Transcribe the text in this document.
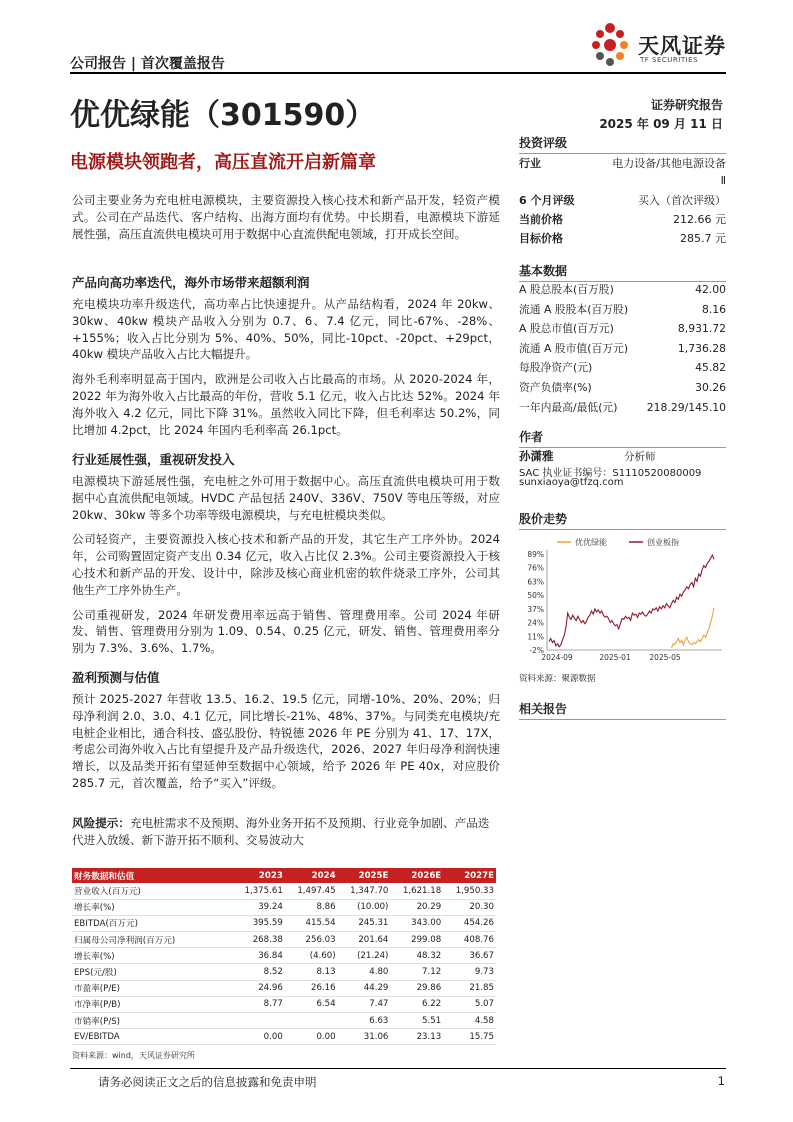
公司报告 | 首次覆盖报告
天风证券
TF SECURITIES
优优绿能（301590）	证券研究报告
2025 年 09 月 11 日
电源模块领跑者，高压直流开启新篇章
公司主要业务为充电桩电源模块，主要资源投入核心技术和新产品开发，轻资产模式。公司在产品迭代、客户结构、出海方面均有优势。中长期看，电源模块下游延展性强，高压直流供电模块可用于数据中心直流供配电领域，打开成长空间。
产品向高功率迭代，海外市场带来超额利润

充电模块功率升级迭代，高功率占比快速提升。从产品结构看，2024 年 20kw、30kw、40kw 模块产品收入分别为 0.7、6、7.4 亿元，同比-67%、-28%、+155%；收入占比分别为 5%、40%、50%，同比-10pct、-20pct、+29pct，40kw 模块产品收入占比大幅提升。

海外毛利率明显高于国内，欧洲是公司收入占比最高的市场。从 2020-2024 年，2022 年为海外收入占比最高的年份，营收 5.1 亿元，收入占比达 52%。2024 年海外收入 4.2 亿元，同比下降 31%。虽然收入同比下降，但毛利率达 50.2%，同比增加 4.2pct，比 2024 年国内毛利率高 26.1pct。

行业延展性强，重视研发投入

电源模块下游延展性强，充电桩之外可用于数据中心。高压直流供电模块可用于数据中心直流供配电领域。HVDC 产品包括 240V、336V、750V 等电压等级，对应 20kw、30kw 等多个功率等级电源模块，与充电桩模块类似。

公司轻资产，主要资源投入核心技术和新产品的开发，其它生产工序外协。2024 年，公司购置固定资产支出 0.34 亿元，收入占比仅 2.3%。公司主要资源投入于核心技术和新产品的开发、设计中，除涉及核心商业机密的软件烧录工序外，公司其他生产工序外协生产。

公司重视研发，2024 年研发费用率远高于销售、管理费用率。公司 2024 年研发、销售、管理费用分别为 1.09、0.54、0.25 亿元，研发、销售、管理费用率分别为 7.3%、3.6%、1.7%。

盈利预测与估值

预计 2025-2027 年营收 13.5、16.2、19.5 亿元，同增-10%、20%、20%；归母净利润 2.0、3.0、4.1 亿元，同比增长-21%、48%、37%。与同类充电模块/充电桩企业相比，通合科技、盛弘股份、特锐德 2026 年 PE 分别为 41、17、17X，考虑公司海外收入占比有望提升及产品升级迭代，2026、2027 年归母净利润快速增长，以及品类开拓有望延伸至数据中心领域，给予 2026 年 PE 40x，对应股价 285.7 元，首次覆盖，给予“买入”评级。

风险提示：充电桩需求不及预期、海外业务开拓不及预期、行业竞争加剧、产品迭代进入放缓、新下游开拓不顺利、交易波动大
财务数据和估值	2023	2024	2025E	2026E	2027E
营业收入(百万元)	1,375.61	1,497.45	1,347.70	1,621.18	1,950.33
增长率(%)	39.24	8.86	(10.00)	20.29	20.30
EBITDA(百万元)	395.59	415.54	245.31	343.00	454.26
归属母公司净利润(百万元)	268.38	256.03	201.64	299.08	408.76
增长率(%)	36.84	(4.60)	(21.24)	48.32	36.67
EPS(元/股)	8.52	8.13	4.80	7.12	9.73
市盈率(P/E)	24.96	26.16	44.29	29.86	21.85
市净率(P/B)	8.77	6.54	7.47	6.22	5.07
市销率(P/S)			6.63	5.51	4.58
EV/EBITDA	0.00	0.00	31.06	23.13	15.75
资料来源：wind，天风证券研究所
投资评级
行业	电力设备/其他电源设备Ⅱ
6 个月评级	买入（首次评级）
当前价格	212.66 元
目标价格	285.7 元
基本数据
A 股总股本(百万股)	42.00
流通 A 股股本(百万股)	8.16
A 股总市值(百万元)	8,931.72
流通 A 股市值(百万元)	1,736.28
每股净资产(元)	45.82
资产负债率(%)	30.26
一年内最高/最低(元)	218.29/145.10
作者
孙潇雅	分析师
SAC 执业证书编号：S1110520080009
sunxiaoya@tfzq.com
股价走势
89%
76%
63%
50%
37%
24%
11%
-2%
2024-09	2025-01 2025-05
优优绿能	创业板指
资料来源：聚源数据
相关报告
请务必阅读正文之后的信息披露和免责申明	1
